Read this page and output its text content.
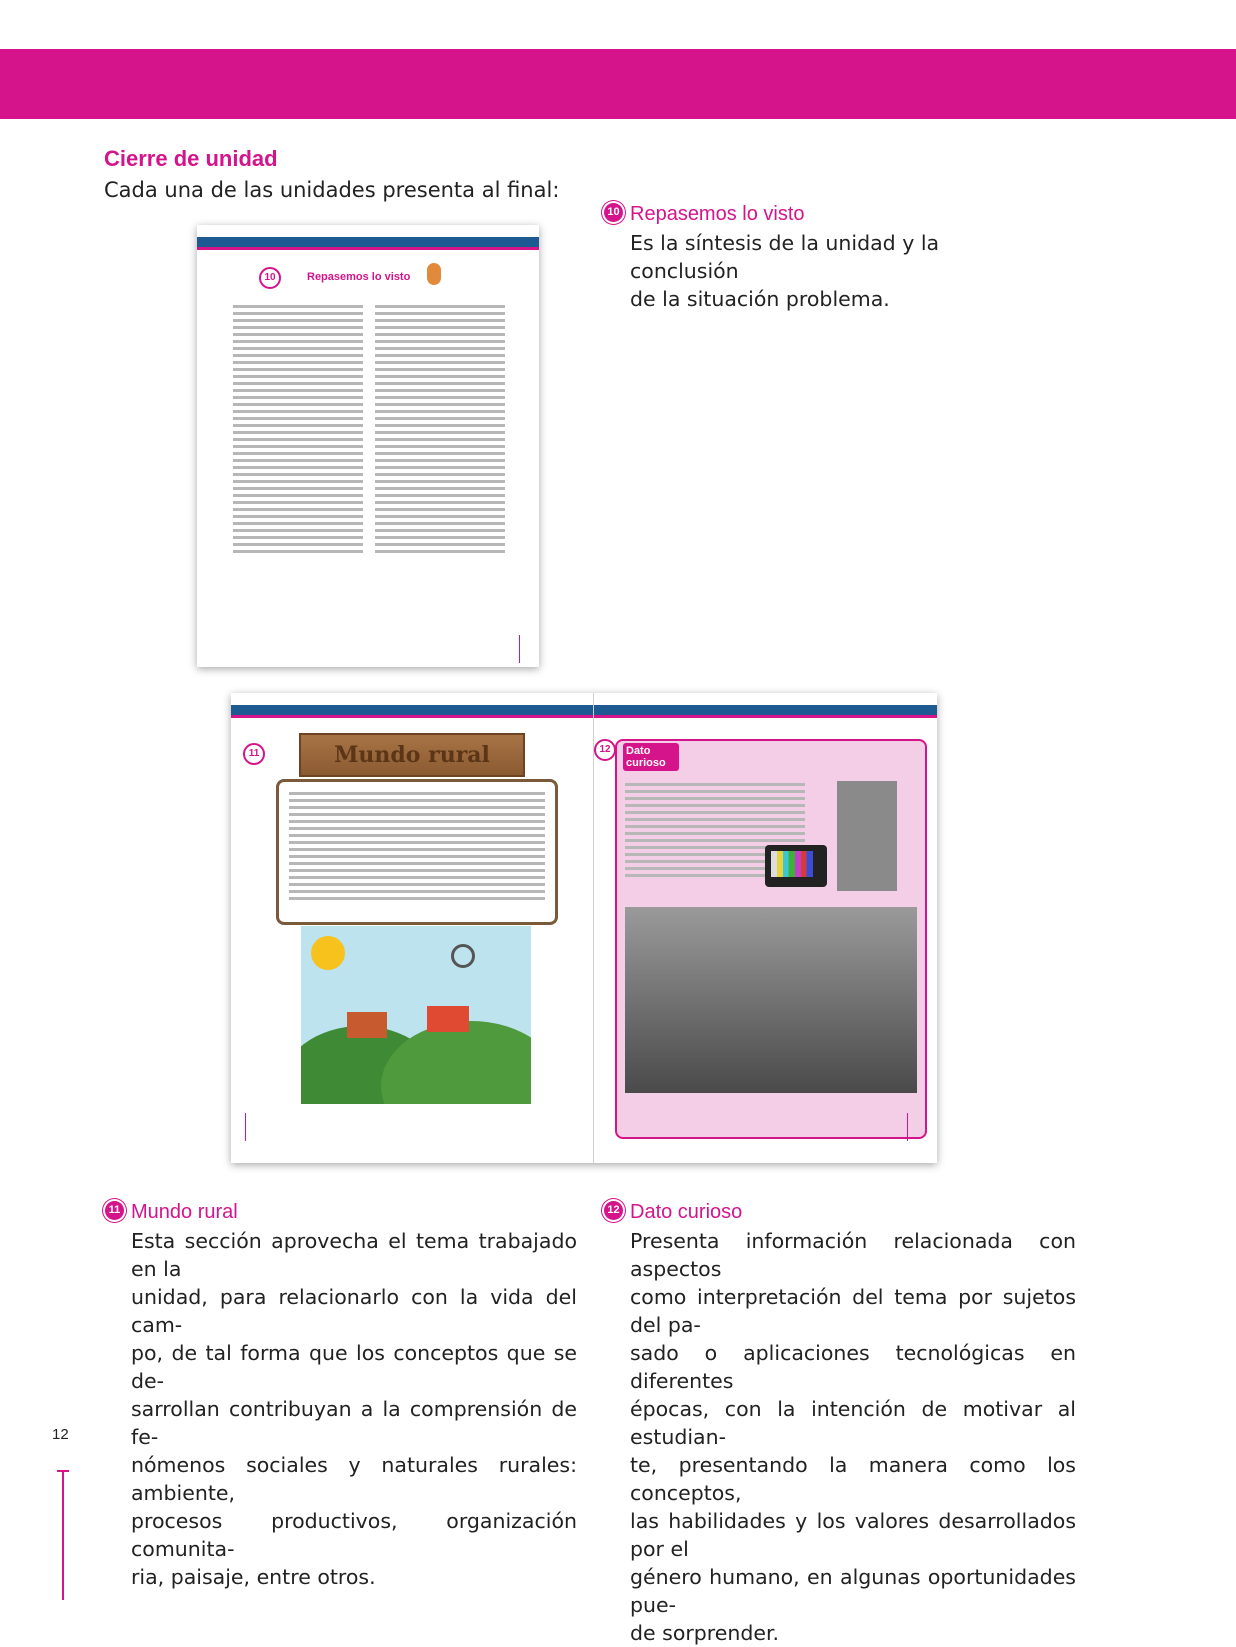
Cierre de unidad
Cada una de las unidades presenta al final:
10 Repasemos lo visto
Es la síntesis de la unidad y la conclusión
de la situación problema.
10	Repasemos lo visto
11	Mundo rural	12	Dato curioso
11 Mundo rural
Esta sección aprovecha el tema trabajado en la
unidad, para relacionarlo con la vida del cam-
po, de tal forma que los conceptos que se de-
sarrollan contribuyan a la comprensión de fe-
nómenos sociales y naturales rurales: ambiente,
procesos productivos, organización comunita-
ria, paisaje, entre otros.
12 Dato curioso
Presenta información relacionada con aspectos
como interpretación del tema por sujetos del pa-
sado o aplicaciones tecnológicas en diferentes
épocas, con la intención de motivar al estudian-
te, presentando la manera como los conceptos,
las habilidades y los valores desarrollados por el
género humano, en algunas oportunidades pue-
de sorprender.
12
